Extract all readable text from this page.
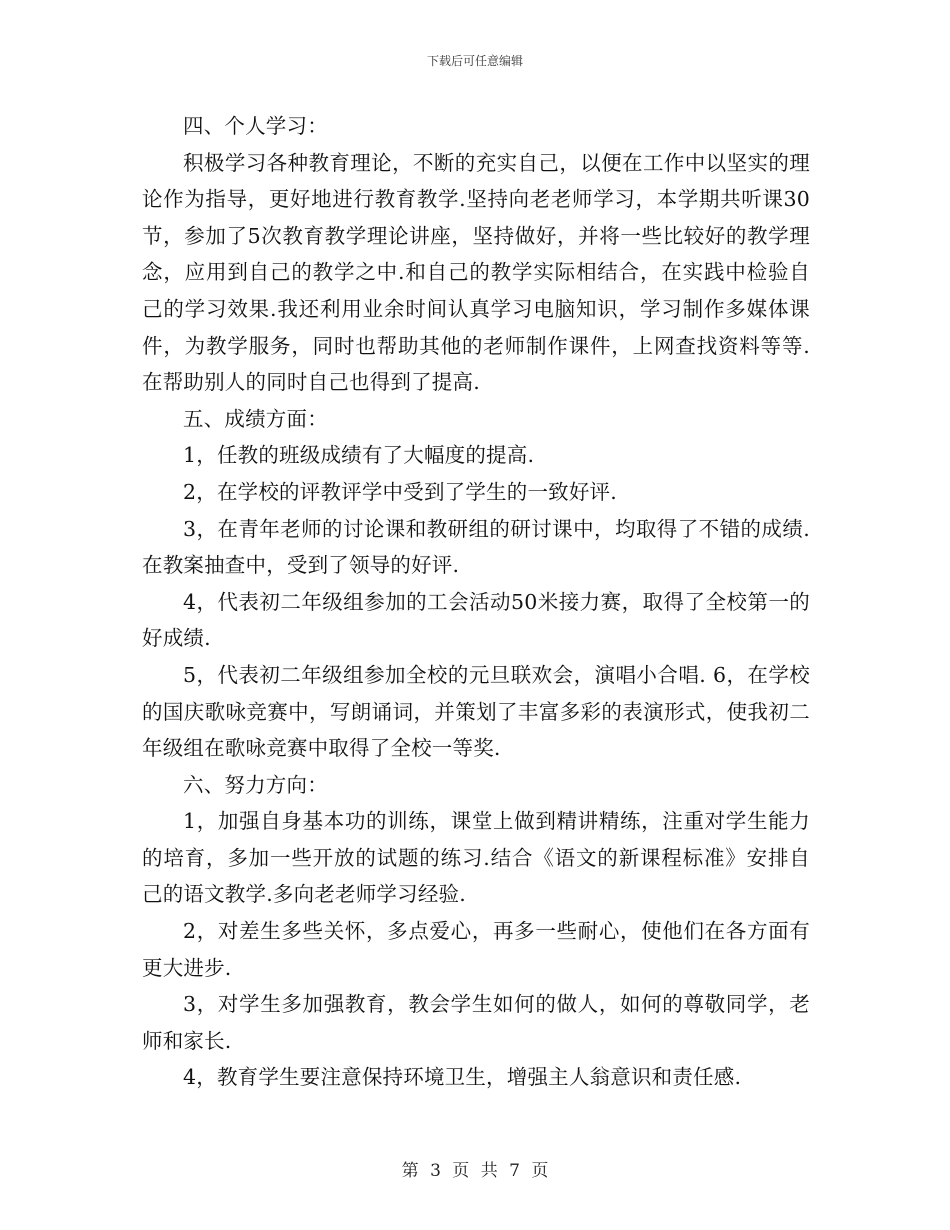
下载后可任意编辑

四、个人学习：

积极学习各种教育理论，不断的充实自己，以便在工作中以坚实的理论作为指导，更好地进行教育教学.坚持向老老师学习，本学期共听课30节，参加了5次教育教学理论讲座，坚持做好，并将一些比较好的教学理念，应用到自己的教学之中.和自己的教学实际相结合，在实践中检验自己的学习效果.我还利用业余时间认真学习电脑知识，学习制作多媒体课件，为教学服务，同时也帮助其他的老师制作课件，上网查找资料等等.在帮助别人的同时自己也得到了提高.

五、成绩方面：

1，任教的班级成绩有了大幅度的提高.

2，在学校的评教评学中受到了学生的一致好评.

3，在青年老师的讨论课和教研组的研讨课中，均取得了不错的成绩.在教案抽查中，受到了领导的好评.

4，代表初二年级组参加的工会活动50米接力赛，取得了全校第一的好成绩.

5，代表初二年级组参加全校的元旦联欢会，演唱小合唱. 6，在学校的国庆歌咏竞赛中，写朗诵词，并策划了丰富多彩的表演形式，使我初二年级组在歌咏竞赛中取得了全校一等奖.

六、努力方向：

1，加强自身基本功的训练，课堂上做到精讲精练，注重对学生能力的培育，多加一些开放的试题的练习.结合《语文的新课程标准》安排自己的语文教学.多向老老师学习经验.

2，对差生多些关怀，多点爱心，再多一些耐心，使他们在各方面有更大进步.

3，对学生多加强教育，教会学生如何的做人，如何的尊敬同学，老师和家长.

4，教育学生要注意保持环境卫生，增强主人翁意识和责任感.

第 3 页 共 7 页
